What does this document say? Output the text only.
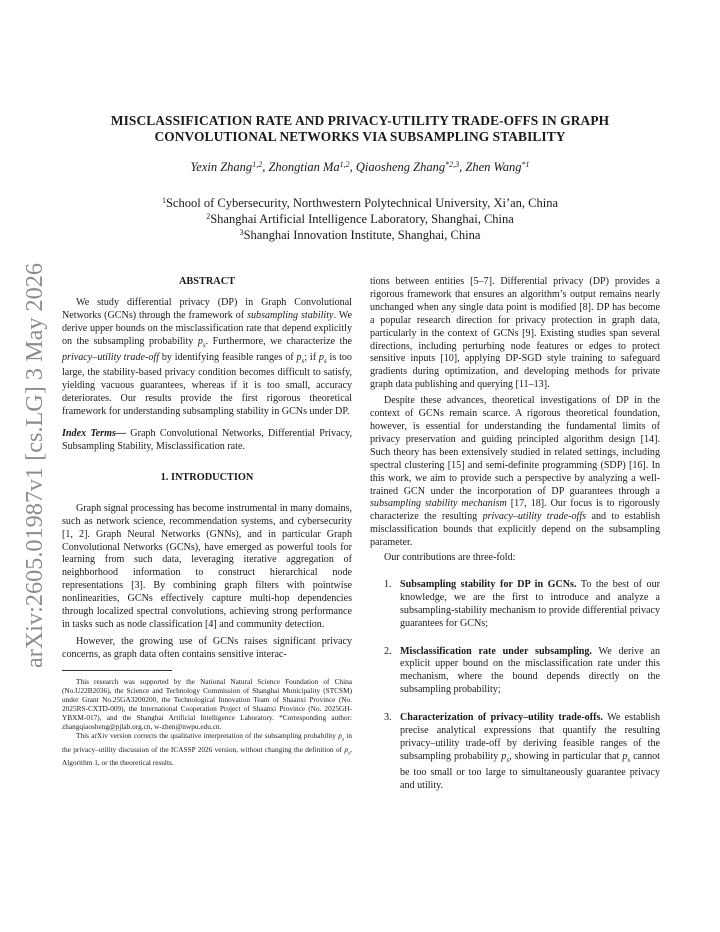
arXiv:2605.01987v1 [cs.LG] 3 May 2026
MISCLASSIFICATION RATE AND PRIVACY-UTILITY TRADE-OFFS IN GRAPH
CONVOLUTIONAL NETWORKS VIA SUBSAMPLING STABILITY
Yexin Zhang$^{1,2}$, Zhongtian Ma$^{1,2}$, Qiaosheng Zhang$^{*2,3}$, Zhen Wang$^{*1}$
$^1$School of Cybersecurity, Northwestern Polytechnical University, Xi’an, China
$^2$Shanghai Artificial Intelligence Laboratory, Shanghai, China
$^3$Shanghai Innovation Institute, Shanghai, China
ABSTRACT

We study differential privacy (DP) in Graph Convolutional Networks (GCNs) through the framework of subsampling stability. We derive upper bounds on the misclassification rate that depend explicitly on the subsampling probability $p_s$. Furthermore, we characterize the privacy–utility trade-off by identifying feasible ranges of $p_s$; if $p_s$ is too large, the stability-based privacy condition becomes difficult to satisfy, yielding vacuous guarantees, whereas if it is too small, accuracy deteriorates. Our results provide the first rigorous theoretical framework for understanding subsampling stability in GCNs under DP.

Index Terms— Graph Convolutional Networks, Differential Privacy, Subsampling Stability, Misclassification rate.

1. INTRODUCTION

Graph signal processing has become instrumental in many domains, such as network science, recommendation systems, and cybersecurity [1, 2]. Graph Neural Networks (GNNs), and in particular Graph Convolutional Networks (GCNs), have emerged as powerful tools for learning from such data, leveraging iterative aggregation of neighborhood information to construct hierarchical node representations [3]. By combining graph filters with pointwise nonlinearities, GCNs effectively capture multi-hop dependencies through localized spectral convolutions, achieving strong performance in tasks such as node classification [4] and community detection.

However, the growing use of GCNs raises significant privacy concerns, as graph data often contains sensitive interac-

This research was supported by the National Natural Science Foundation of China (No.U22B2036), the Science and Technology Commission of Shanghai Municipality (STCSM) under Grant No.25GA3200200, the Technological Innovation Team of Shaanxi Province (No. 2025RS-CXTD-009), the International Cooperation Project of Shaanxi Province (No. 2025GH-YBXM-017), and the Shanghai Artificial Intelligence Laboratory. *Corresponding author: zhangqiaosheng@pjlab.org.cn, w-zhen@nwpu.edu.cn.

This arXiv version corrects the qualitative interpretation of the subsampling probability $p_s$ in the privacy–utility discussion of the ICASSP 2026 version, without changing the definition of $p_s$, Algorithm 1, or the theoretical results.

tions between entities [5–7]. Differential privacy (DP) provides a rigorous framework that ensures an algorithm’s output remains nearly unchanged when any single data point is modified [8]. DP has become a popular research direction for privacy protection in graph data, particularly in the context of GCNs [9]. Existing studies span several directions, including perturbing node features or edges to protect sensitive inputs [10], applying DP-SGD style training to safeguard gradients during optimization, and developing methods for private graph data publishing and querying [11–13].

Despite these advances, theoretical investigations of DP in the context of GCNs remain scarce. A rigorous theoretical foundation, however, is essential for understanding the fundamental limits of privacy preservation and guiding principled algorithm design [14]. Such theory has been extensively studied in related settings, including spectral clustering [15] and semi-definite programming (SDP) [16]. In this work, we aim to provide such a perspective by analyzing a well-trained GCN under the incorporation of DP guarantees through a subsampling stability mechanism [17, 18]. Our focus is to rigorously characterize the resulting privacy–utility trade-offs and to establish misclassification bounds that explicitly depend on the subsampling parameter.

Our contributions are three-fold:

1. Subsampling stability for DP in GCNs. To the best of our knowledge, we are the first to introduce and analyze a subsampling-stability mechanism to provide differential privacy guarantees for GCNs;
2. Misclassification rate under subsampling. We derive an explicit upper bound on the misclassification rate under this mechanism, where the bound depends directly on the subsampling probability;
3. Characterization of privacy–utility trade-offs. We establish precise analytical expressions that quantify the resulting privacy–utility trade-off by deriving feasible ranges of the subsampling probability $p_s$, showing in particular that $p_s$ cannot be too small or too large to simultaneously guarantee privacy and utility.
